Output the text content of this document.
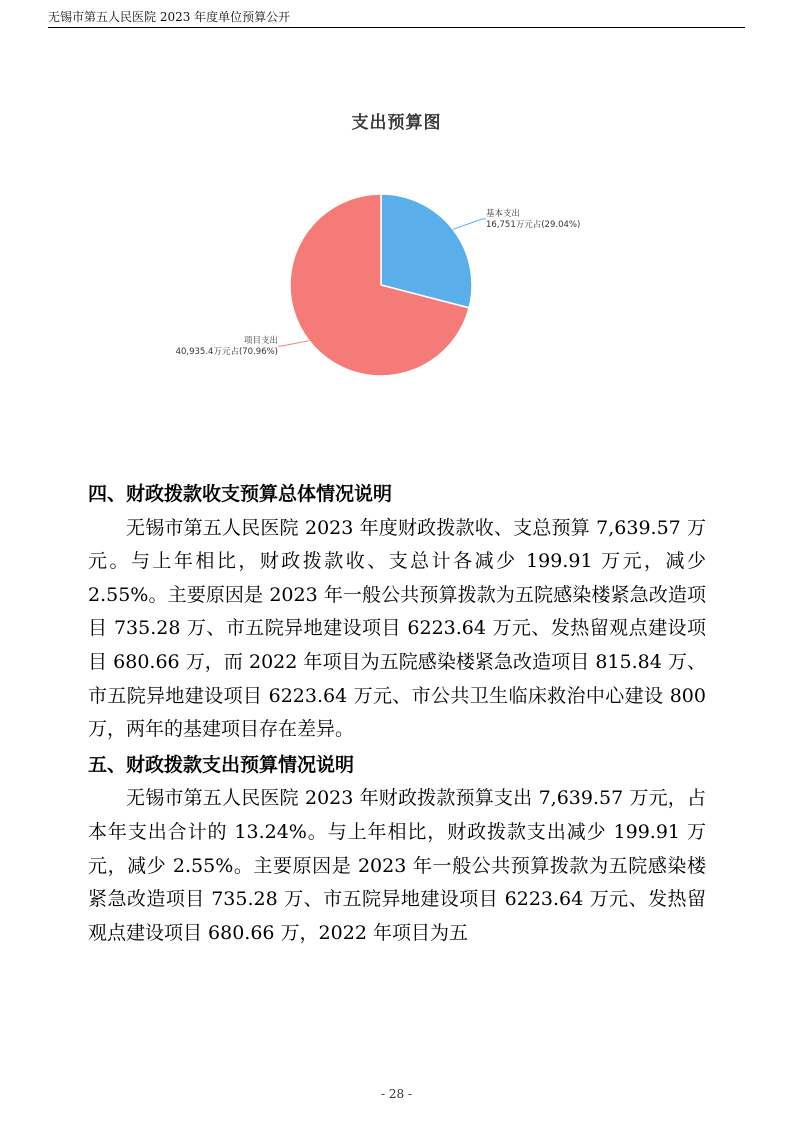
无锡市第五人民医院 2023 年度单位预算公开
支出预算图
基本支出
16,751万元占(29.04%)
项目支出
40,935.4万元占(70.96%)

四、财政拨款收支预算总体情况说明

无锡市第五人民医院 2023 年度财政拨款收、支总预算 7,639.57 万元。与上年相比，财政拨款收、支总计各减少 199.91 万元，减少 2.55%。主要原因是 2023 年一般公共预算拨款为五院感染楼紧急改造项目 735.28 万、市五院异地建设项目 6223.64 万元、发热留观点建设项目 680.66 万，而 2022 年项目为五院感染楼紧急改造项目 815.84 万、市五院异地建设项目 6223.64 万元、市公共卫生临床救治中心建设 800 万，两年的基建项目存在差异。

五、财政拨款支出预算情况说明

无锡市第五人民医院 2023 年财政拨款预算支出 7,639.57 万元，占本年支出合计的 13.24%。与上年相比，财政拨款支出减少 199.91 万元，减少 2.55%。主要原因是 2023 年一般公共预算拨款为五院感染楼紧急改造项目 735.28 万、市五院异地建设项目 6223.64 万元、发热留观点建设项目 680.66 万，2022 年项目为五

- 28 -
